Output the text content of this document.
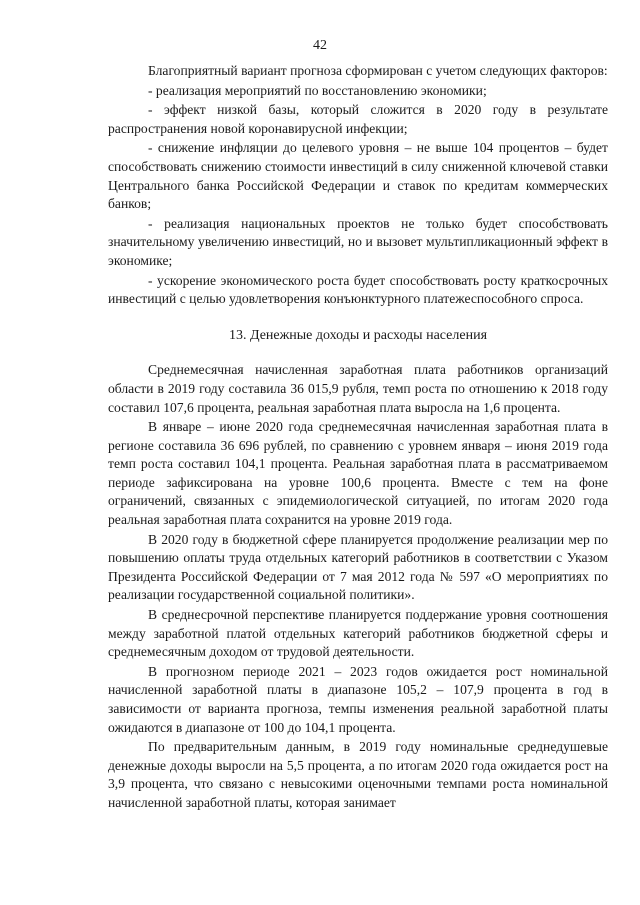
42

Благоприятный вариант прогноза сформирован с учетом следующих факторов:

- реализация мероприятий по восстановлению экономики;

- эффект низкой базы, который сложится в 2020 году в результате распространения новой коронавирусной инфекции;

- снижение инфляции до целевого уровня – не выше 104 процентов – будет способствовать снижению стоимости инвестиций в силу сниженной ключевой ставки Центрального банка Российской Федерации и ставок по кредитам коммерческих банков;

- реализация национальных проектов не только будет способствовать значительному увеличению инвестиций, но и вызовет мультипликационный эффект в экономике;

- ускорение экономического роста будет способствовать росту краткосрочных инвестиций с целью удовлетворения конъюнктурного платежеспособного спроса.

13. Денежные доходы и расходы населения

Среднемесячная начисленная заработная плата работников организаций области в 2019 году составила 36 015,9 рубля, темп роста по отношению к 2018 году составил 107,6 процента, реальная заработная плата выросла на 1,6 процента.

В январе – июне 2020 года среднемесячная начисленная заработная плата в регионе составила 36 696 рублей, по сравнению с уровнем января – июня 2019 года темп роста составил 104,1 процента. Реальная заработная плата в рассматриваемом периоде зафиксирована на уровне 100,6 процента. Вместе с тем на фоне ограничений, связанных с эпидемиологической ситуацией, по итогам 2020 года реальная заработная плата сохранится на уровне 2019 года.

В 2020 году в бюджетной сфере планируется продолжение реализации мер по повышению оплаты труда отдельных категорий работников в соответствии с Указом Президента Российской Федерации от 7 мая 2012 года № 597 «О мероприятиях по реализации государственной социальной политики».

В среднесрочной перспективе планируется поддержание уровня соотношения между заработной платой отдельных категорий работников бюджетной сферы и среднемесячным доходом от трудовой деятельности.

В прогнозном периоде 2021 – 2023 годов ожидается рост номинальной начисленной заработной платы в диапазоне 105,2 – 107,9 процента в год в зависимости от варианта прогноза, темпы изменения реальной заработной платы ожидаются в диапазоне от 100 до 104,1 процента.

По предварительным данным, в 2019 году номинальные среднедушевые денежные доходы выросли на 5,5 процента, а по итогам 2020 года ожидается рост на 3,9 процента, что связано с невысокими оценочными темпами роста номинальной начисленной заработной платы, которая занимает
